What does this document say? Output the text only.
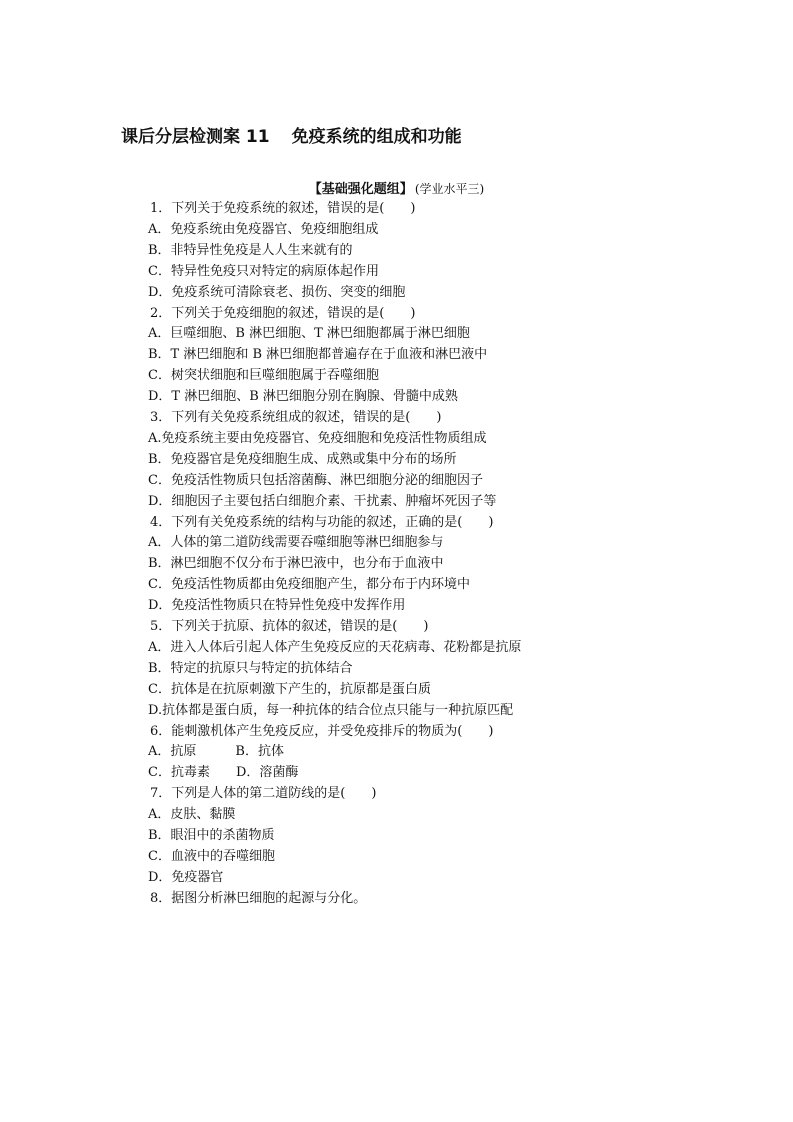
课后分层检测案 11 免疫系统的组成和功能
【基础强化题组】 (学业水平三)
1．下列关于免疫系统的叙述，错误的是(　　)
A．免疫系统由免疫器官、免疫细胞组成
B．非特异性免疫是人人生来就有的
C．特异性免疫只对特定的病原体起作用
D．免疫系统可清除衰老、损伤、突变的细胞
2．下列关于免疫细胞的叙述，错误的是(　　)
A．巨噬细胞、B 淋巴细胞、T 淋巴细胞都属于淋巴细胞
B．T 淋巴细胞和 B 淋巴细胞都普遍存在于血液和淋巴液中
C．树突状细胞和巨噬细胞属于吞噬细胞
D．T 淋巴细胞、B 淋巴细胞分别在胸腺、骨髓中成熟
3．下列有关免疫系统组成的叙述，错误的是(　　)
A.免疫系统主要由免疫器官、免疫细胞和免疫活性物质组成
B．免疫器官是免疫细胞生成、成熟或集中分布的场所
C．免疫活性物质只包括溶菌酶、淋巴细胞分泌的细胞因子
D．细胞因子主要包括白细胞介素、干扰素、肿瘤坏死因子等
4．下列有关免疫系统的结构与功能的叙述，正确的是(　　)
A．人体的第二道防线需要吞噬细胞等淋巴细胞参与
B．淋巴细胞不仅分布于淋巴液中，也分布于血液中
C．免疫活性物质都由免疫细胞产生，都分布于内环境中
D．免疫活性物质只在特异性免疫中发挥作用
5．下列关于抗原、抗体的叙述，错误的是(　　)
A．进入人体后引起人体产生免疫反应的天花病毒、花粉都是抗原
B．特定的抗原只与特定的抗体结合
C．抗体是在抗原刺激下产生的，抗原都是蛋白质
D.抗体都是蛋白质，每一种抗体的结合位点只能与一种抗原匹配
6．能刺激机体产生免疫反应，并受免疫排斥的物质为(　　)
A．抗原　　　B．抗体
C．抗毒素　　D．溶菌酶
7．下列是人体的第二道防线的是(　　)
A．皮肤、黏膜
B．眼泪中的杀菌物质
C．血液中的吞噬细胞
D．免疫器官
8．据图分析淋巴细胞的起源与分化。
